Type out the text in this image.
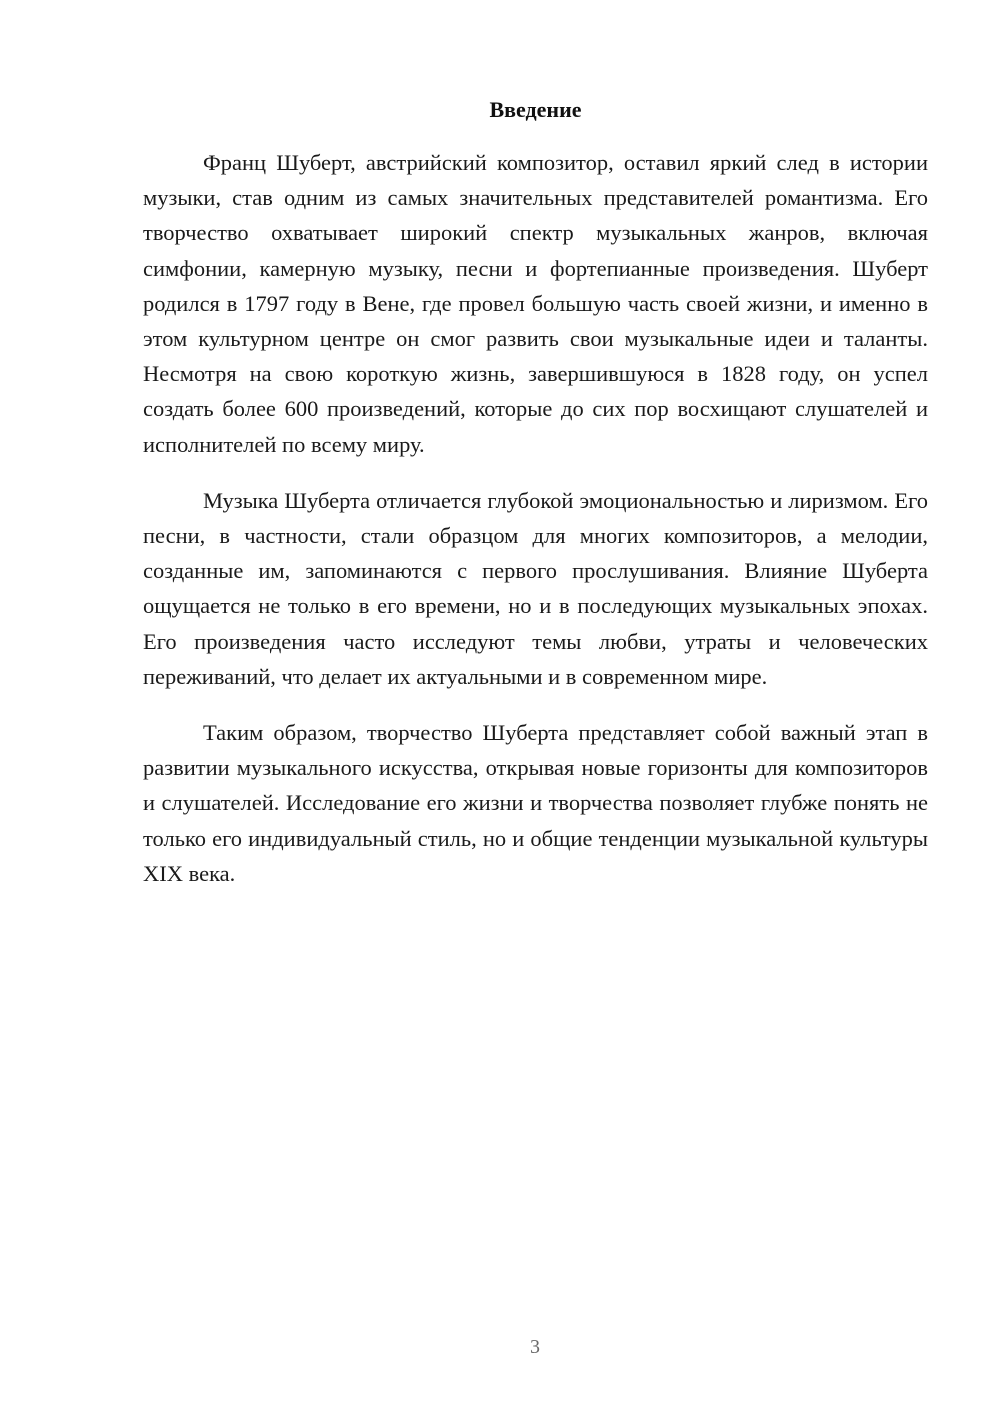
Введение

Франц Шуберт, австрийский композитор, оставил яркий след в истории музыки, став одним из самых значительных представителей романтизма. Его творчество охватывает широкий спектр музыкальных жанров, включая симфонии, камерную музыку, песни и фортепианные произведения. Шуберт родился в 1797 году в Вене, где провел большую часть своей жизни, и именно в этом культурном центре он смог развить свои музыкальные идеи и таланты. Несмотря на свою короткую жизнь, завершившуюся в 1828 году, он успел создать более 600 произведений, которые до сих пор восхищают слушателей и исполнителей по всему миру.

Музыка Шуберта отличается глубокой эмоциональностью и лиризмом. Его песни, в частности, стали образцом для многих композиторов, а мелодии, созданные им, запоминаются с первого прослушивания. Влияние Шуберта ощущается не только в его времени, но и в последующих музыкальных эпохах. Его произведения часто исследуют темы любви, утраты и человеческих переживаний, что делает их актуальными и в современном мире.

Таким образом, творчество Шуберта представляет собой важный этап в развитии музыкального искусства, открывая новые горизонты для композиторов и слушателей. Исследование его жизни и творчества позволяет глубже понять не только его индивидуальный стиль, но и общие тенденции музыкальной культуры XIX века.

3
